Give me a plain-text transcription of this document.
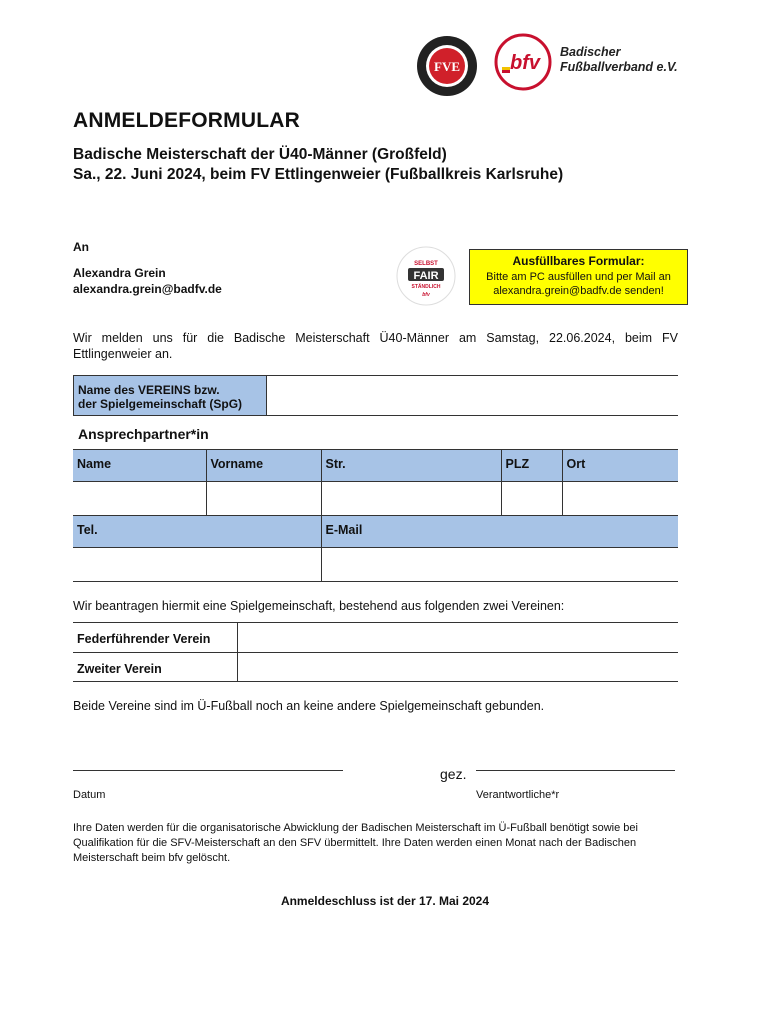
FVE	bfv Badischer
Fußballverband e.V.
ANMELDEFORMULAR

Badische Meisterschaft der Ü40-Männer (Großfeld)

Sa., 22. Juni 2024, beim FV Ettlingenweier (Fußballkreis Karlsruhe)

An
Alexandra Grein
alexandra.grein@badfv.de
SELBST
FAIR
STÄNDLICH
bfv
Ausfüllbares Formular:
Bitte am PC ausfüllen und per Mail an
alexandra.grein@badfv.de senden!
Wir melden uns für die Badische Meisterschaft Ü40-Männer am Samstag, 22.06.2024, beim FV Ettlingenweier an.
Name des VEREINS bzw.
der Spielgemeinschaft (SpG)
Ansprechpartner*in
Name	Vorname	Str.	PLZ	Ort

Tel.		E-Mail		

Wir beantragen hiermit eine Spielgemeinschaft, bestehend aus folgenden zwei Vereinen:
Federführender Verein
Zweiter Verein
Beide Vereine sind im Ü-Fußball noch an keine andere Spielgemeinschaft gebunden.
gez.
Datum	Verantwortliche*r
Ihre Daten werden für die organisatorische Abwicklung der Badischen Meisterschaft im Ü-Fußball benötigt sowie bei Qualifikation für die SFV-Meisterschaft an den SFV übermittelt. Ihre Daten werden einen Monat nach der Badischen Meisterschaft beim bfv gelöscht.
Anmeldeschluss ist der 17. Mai 2024
